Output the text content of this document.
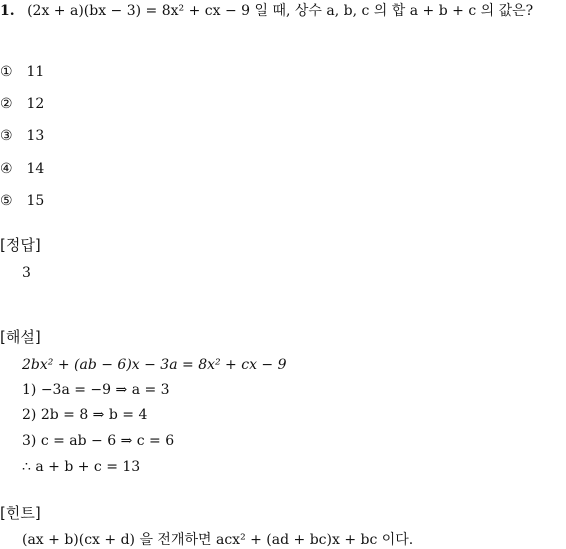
1. (2x + a)(bx − 3) = 8x² + cx − 9 일 때, 상수 a, b, c 의 합 a + b + c 의 값은?
① 11
② 12
③ 13
④ 14
⑤ 15
[정답]
3
[해설]
2bx² + (ab − 6)x − 3a = 8x² + cx − 9
1) −3a = −9 ⇒ a = 3
2) 2b = 8 ⇒ b = 4
3) c = ab − 6 ⇒ c = 6
∴ a + b + c = 13
[힌트]
(ax + b)(cx + d) 을 전개하면 acx² + (ad + bc)x + bc 이다.
